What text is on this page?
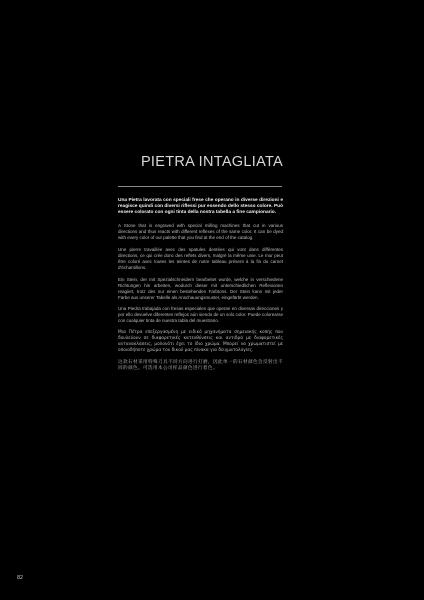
PIETRA INTAGLIATA

Una Pietra lavorata con speciali frese che operano in diverse direzioni e reagisce quindi con diversi riflessi pur essendo dello stesso colore. Può essere colorato con ogni tinta della nostra tabella a fine campionario.

A Stone that is engraved with special milling machines that cut in various directions and thus reacts with different reflexes of the same color. It can be dyed with every color of our palette that you find at the end of the catalog.

Une pierre travaillée avec des spatules dentées qui vont dans différentes directions, ce qui crée donc des reflets divers, malgré la même unie. Le mur peut être coloré avec toutes les teintes de notre tableau présent à la fin du carnet d'échantillons.

Ein Stein, der mit Spezialschneidern bearbeitet wurde, welche in verschiedene Richtungen hin arbeiten, wodurch dieser mit unterschiedlichen Reflexionen reagiert, trotz des nur einen bestehenden Farbtons. Der Stein kann mit jeder Farbe aus unserer Tabelle als Anschauungsmuster, eingefärbt werden.

Una Piedra trabajada con fresas especiales que operan en diversas direcciones y por ello devuelve diferentes reflejos aún siendo de un solo color. Puede colorearse con cualquier tinta de nuestra tabla del muestrario.

Μια Πέτρα επεξεργασμένη με ειδικό μηχανήματα σημειακής κοπής που δουλεύουν σε διαφορετικές κατευθύνσεις και αντιδρά με διαφορετικές αντανακλάσεις, μολονότι έχει το ίδιο χρώμα. Μπορεί να χρωματιστεί με οποιοδήποτε χρώμα του δικού μας πίνακα για δειγματολογίες.

这款石材采用特殊刀具不同方向进行打磨，因此单一的石材颜色会反射出不同的颜色。可选用本公司样品颜色进行着色。

82
